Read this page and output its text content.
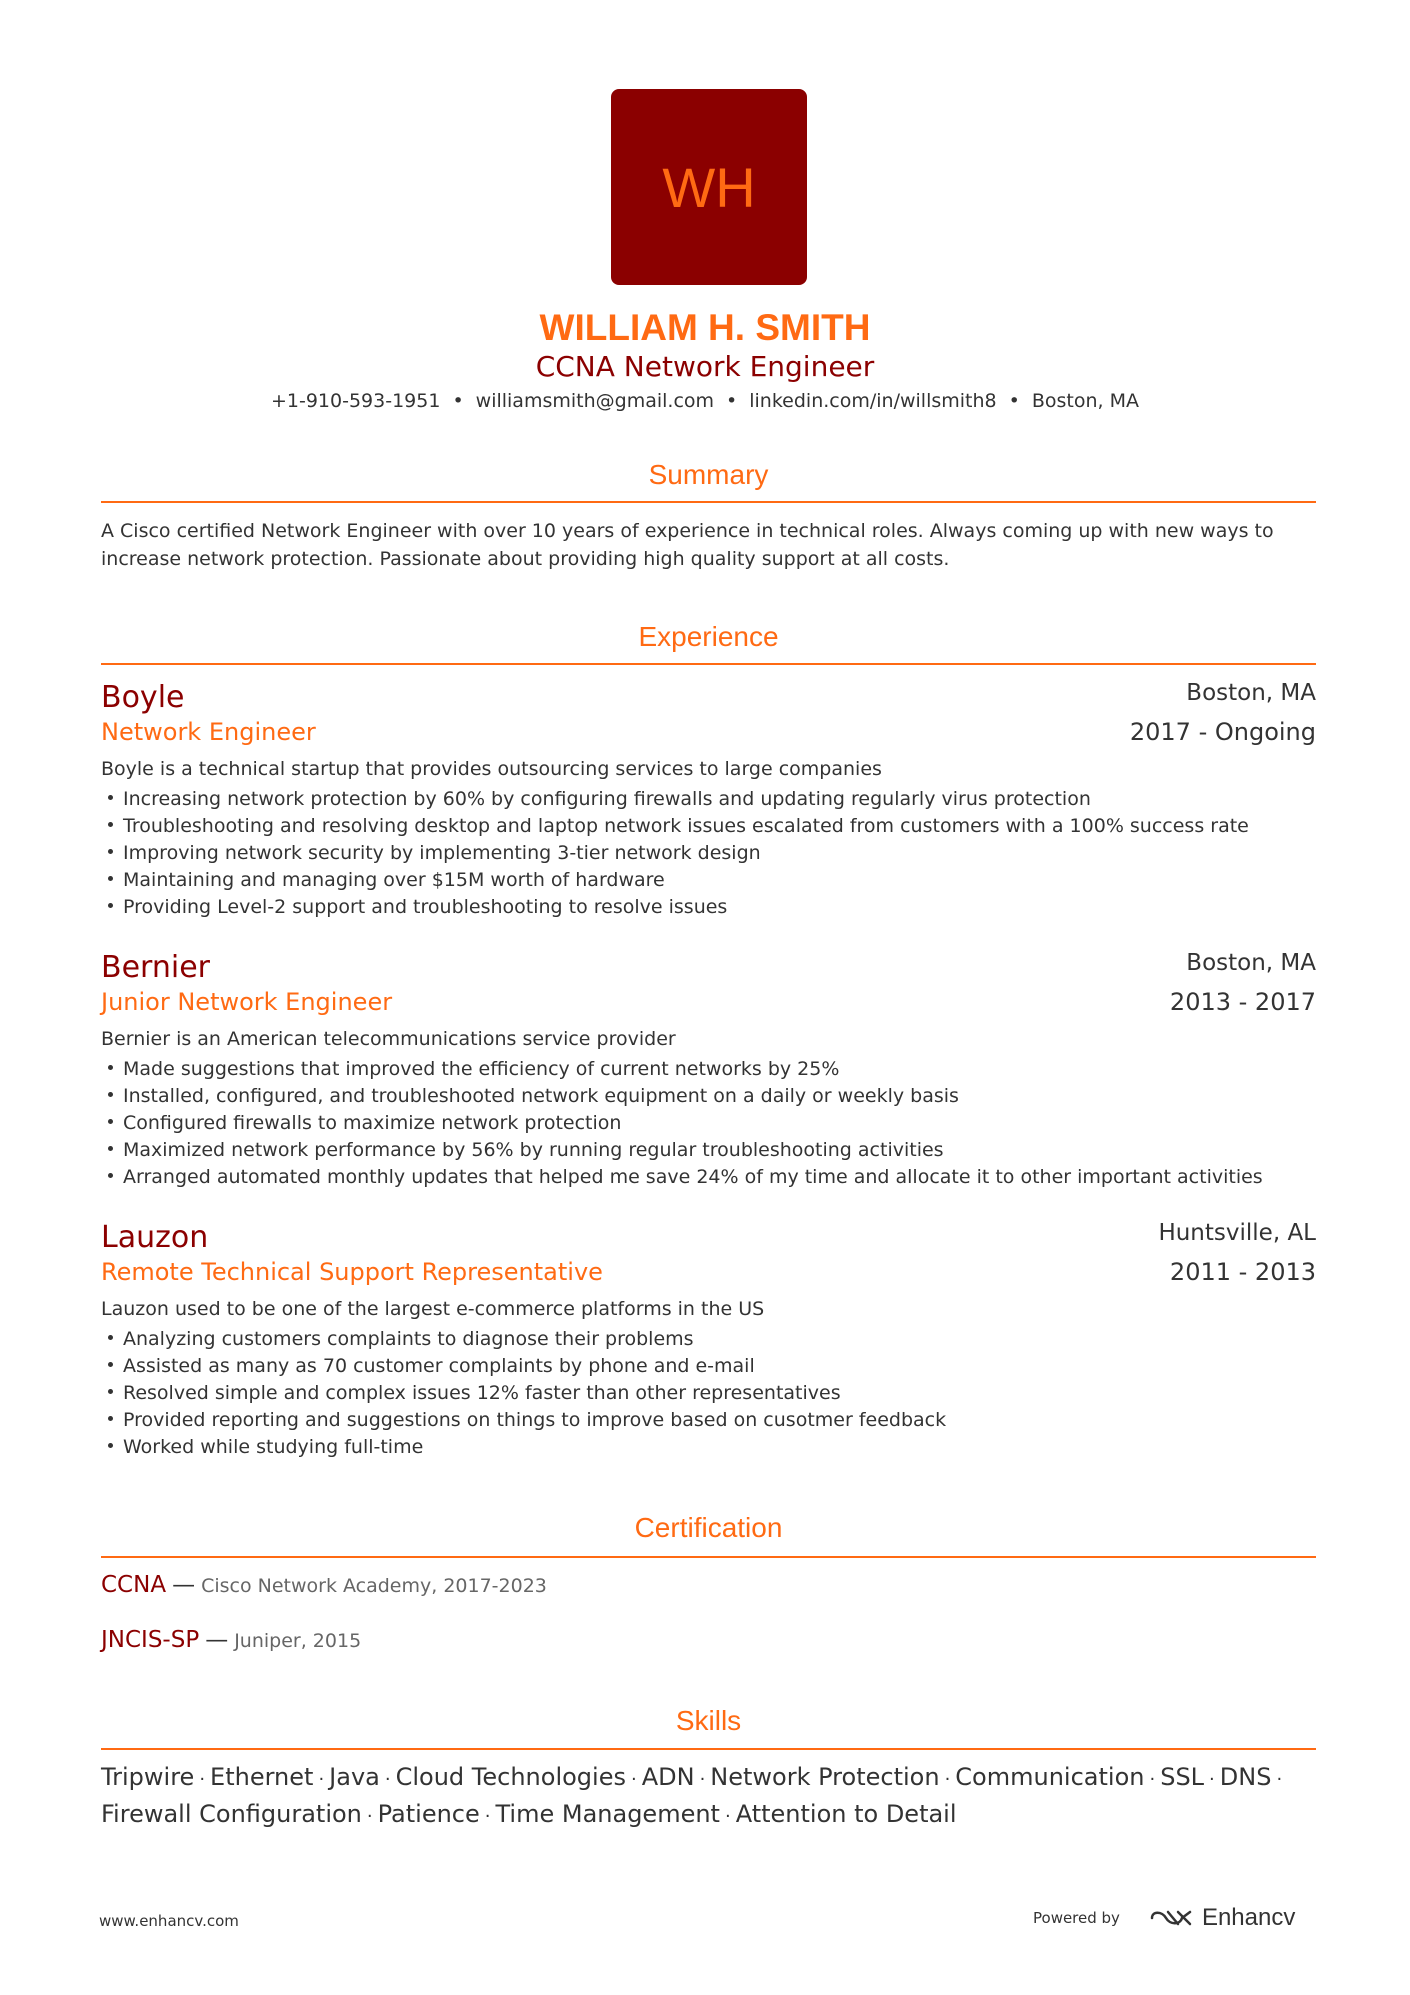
WH
WILLIAM H. SMITH
CCNA Network Engineer
+1-910-593-1951 • williamsmith@gmail.com • linkedin.com/in/willsmith8 • Boston, MA
Summary
A Cisco certified Network Engineer with over 10 years of experience in technical roles. Always coming up with new ways to
increase network protection. Passionate about providing high quality support at all costs.
Experience
Boyle	Boston, MA
Network Engineer	2017 - Ongoing
Boyle is a technical startup that provides outsourcing services to large companies
Increasing network protection by 60% by configuring firewalls and updating regularly virus protection
Troubleshooting and resolving desktop and laptop network issues escalated from customers with a 100% success rate
Improving network security by implementing 3-tier network design
Maintaining and managing over $15M worth of hardware
Providing Level-2 support and troubleshooting to resolve issues
Bernier	Boston, MA
Junior Network Engineer	2013 - 2017
Bernier is an American telecommunications service provider
Made suggestions that improved the efficiency of current networks by 25%
Installed, configured, and troubleshooted network equipment on a daily or weekly basis
Configured firewalls to maximize network protection
Maximized network performance by 56% by running regular troubleshooting activities
Arranged automated monthly updates that helped me save 24% of my time and allocate it to other important activities
Lauzon	Huntsville, AL
Remote Technical Support Representative	2011 - 2013
Lauzon used to be one of the largest e-commerce platforms in the US
Analyzing customers complaints to diagnose their problems
Assisted as many as 70 customer complaints by phone and e-mail
Resolved simple and complex issues 12% faster than other representatives
Provided reporting and suggestions on things to improve based on cusotmer feedback
Worked while studying full-time
Certification
CCNA — Cisco Network Academy, 2017-2023
JNCIS-SP — Juniper, 2015
Skills
Tripwire · Ethernet · Java · Cloud Technologies · ADN · Network Protection · Communication · SSL · DNS ·
Firewall Configuration · Patience · Time Management · Attention to Detail
www.enhancv.com	Powered by	Enhancv
